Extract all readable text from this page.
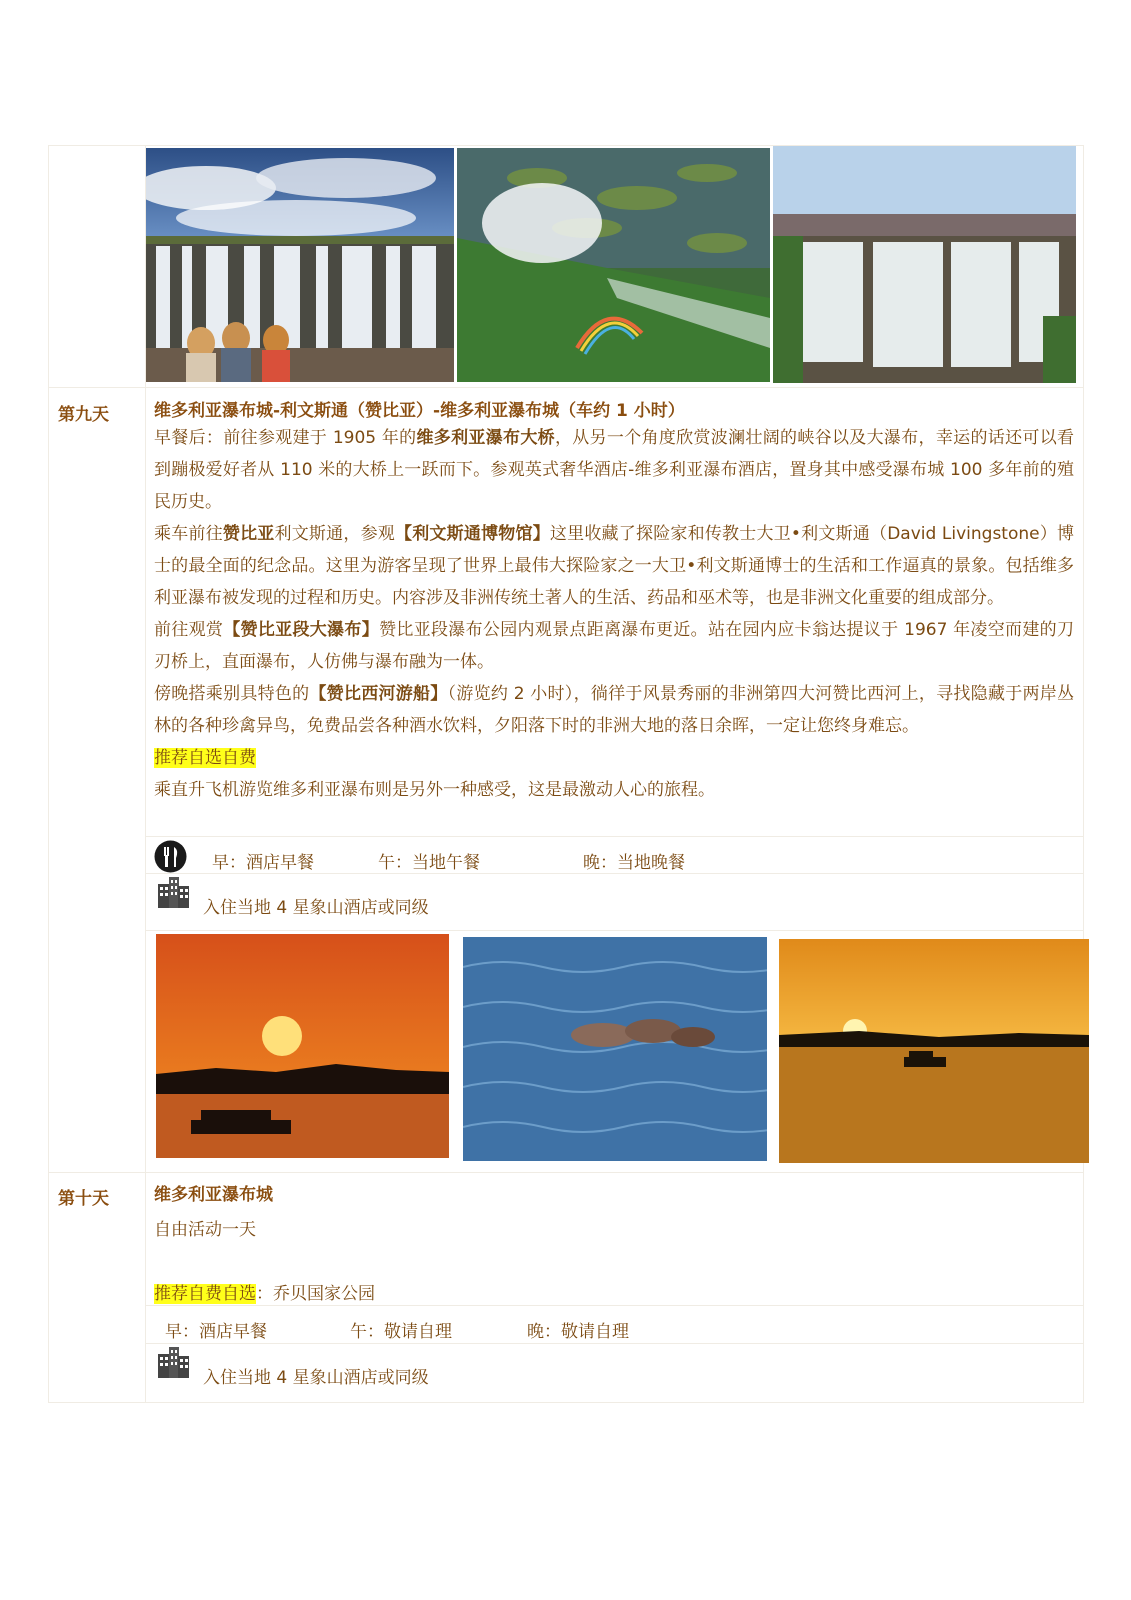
第九天	维多利亚瀑布城-利文斯通（赞比亚）-维多利亚瀑布城（车约 1 小时）

早餐后：前往参观建于 1905 年的维多利亚瀑布大桥，从另一个角度欣赏波澜壮阔的峡谷以及大瀑布，幸运的话还可以看到蹦极爱好者从 110 米的大桥上一跃而下。参观英式奢华酒店-维多利亚瀑布酒店，置身其中感受瀑布城 100 多年前的殖民历史。

乘车前往赞比亚利文斯通，参观【利文斯通博物馆】这里收藏了探险家和传教士大卫•利文斯通（David Livingstone）博士的最全面的纪念品。这里为游客呈现了世界上最伟大探险家之一大卫•利文斯通博士的生活和工作逼真的景象。包括维多利亚瀑布被发现的过程和历史。内容涉及非洲传统土著人的生活、药品和巫术等，也是非洲文化重要的组成部分。

前往观赏【赞比亚段大瀑布】赞比亚段瀑布公园内观景点距离瀑布更近。站在园内应卡翁达提议于 1967 年凌空而建的刀刃桥上，直面瀑布，人仿佛与瀑布融为一体。

傍晚搭乘别具特色的【赞比西河游船】（游览约 2 小时），徜徉于风景秀丽的非洲第四大河赞比西河上，寻找隐藏于两岸丛林的各种珍禽异鸟，免费品尝各种酒水饮料，夕阳落下时的非洲大地的落日余晖，一定让您终身难忘。

推荐自选自费

乘直升飞机游览维多利亚瀑布则是另外一种感受，这是最激动人心的旅程。

早：酒店早餐	午：当地午餐	晚：当地晚餐
入住当地 4 星象山酒店或同级
第十天	维多利亚瀑布城

自由活动一天

推荐自费自选：乔贝国家公园

早：酒店早餐	午：敬请自理	晚：敬请自理
入住当地 4 星象山酒店或同级
